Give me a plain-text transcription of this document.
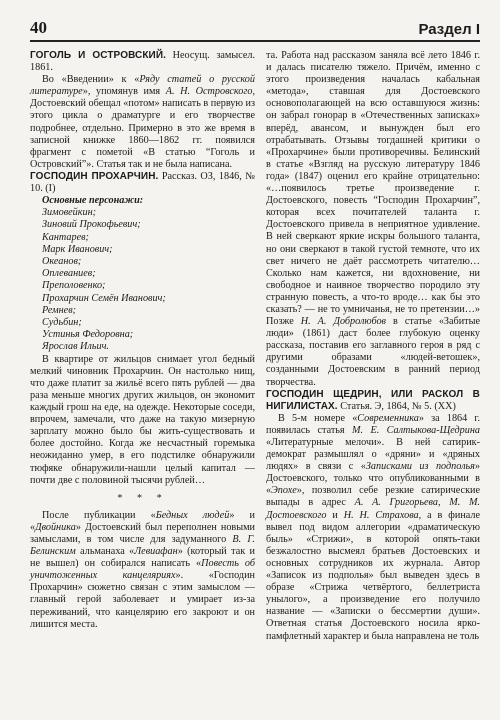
40	Раздел I

ГОГОЛЬ И ОСТРОВСКИЙ. Неосущ. замысел. 1861.

Во «Введении» к «Ряду статей о русской литературе», упомянув имя А. Н. Островского, Достоевский обещал «потом» написать в первую из этого цикла о драматурге и его творчестве подробнее, отдельно. Примерно в это же время в записной книжке 1860—1862 гг. появился фрагмент с пометой «В статью “Гоголь и Островский”». Статья так и не была написана.

ГОСПОДИН ПРОХАРЧИН. Рассказ. ОЗ, 1846, № 10. (I)

Основные персонажи:

Зимовейкин;
Зиновий Прокофьевич;
Кантарев;
Марк Иванович;
Океанов;
Оплеваниев;
Преполовенко;
Прохарчин Семён Иванович;
Ремнев;
Судьбин;
Устинья Федоровна;
Ярослав Ильич.

В квартире от жильцов снимает угол бедный мелкий чиновник Прохарчин. Он настолько нищ, что даже платит за жильё всего пять рублей — два раза меньше многих других жильцов, он экономит каждый грош на еде, на одежде. Некоторые соседи, впрочем, замечали, что даже на такую мизерную зарплату можно было бы жить-существовать и более достойно. Когда же несчастный горемыка неожиданно умер, в его подстилке обнаружили тюфяке обнаружили-нашли целый капитал — почти две с половиной тысячи рублей…

* * *

После публикации «Бедных людей» и «Двойника» Достоевский был переполнен новыми замыслами, в том числе для задуманного В. Г. Белинским альманаха «Левиафан» (который так и не вышел) он собирался написать «Повесть об уничтоженных канцеляриях». «Господин Прохарчин» сюжетно связан с этим замыслом — главный герой заболевает и умирает из-за переживаний, что канцелярию его закроют и он лишится места.

та. Работа над рассказом заняла всё лето 1846 г. и далась писателю тяжело. Причём, именно с этого произведения началась кабальная «метода», ставшая для Достоевского основополагающей на всю оставшуюся жизнь: он забрал гонорар в «Отечественных записках» вперёд, авансом, и вынужден был его отрабатывать. Отзывы тогдашней критики о «Прохарчине» были противоречивы. Белинский в статье «Взгляд на русскую литературу 1846 года» (1847) оценил его крайне отрицательно: «…появилось третье произведение г. Достоевского, повесть “Господин Прохарчин”, которая всех почитателей таланта г. Достоевского привела в неприятное удивление. В ней сверкают яркие искры большого таланта, но они сверкают в такой густой темноте, что их свет ничего не даёт рассмотреть читателю… Сколько нам кажется, ни вдохновение, ни свободное и наивное творчество породило эту странную повесть, а что-то вроде… как бы это сказать? — не то умничанья, не то претензии…» Позже Н. А. Добролюбов в статье «Забитые люди» (1861) даст более глубокую оценку рассказа, поставив его заглавного героя в ряд с другими образами «людей-ветошек», созданными Достоевским в ранний период творчества.

ГОСПОДИН ЩЕДРИН, ИЛИ РАСКОЛ В НИГИЛИСТАХ. Статья. Э, 1864, № 5. (XX)

В 5-м номере «Современника» за 1864 г. появилась статья М. Е. Салтыкова-Щедрина «Литературные мелочи». В ней сатирик-демократ размышлял о «дряни» и «дряных людях» в связи с «Записками из подполья» Достоевского, только что опубликованными в «Эпохе», позволил себе резкие сатирические выпады в адрес А. А. Григорьева, М. М. Достоевского и Н. Н. Страхова, а в финале вывел под видом аллегории «драматическую быль» «Стрижи», в которой опять-таки безжалостно высмеял братьев Достоевских и основных сотрудников их журнала. Автор «Записок из подполья» был выведен здесь в образе «Стрижа четвёртого, беллетриста унылого», а произведение его получило название — «Записки о бессмертии души». Ответная статья Достоевского носила ярко-памфлетный характер и была направлена не толь
